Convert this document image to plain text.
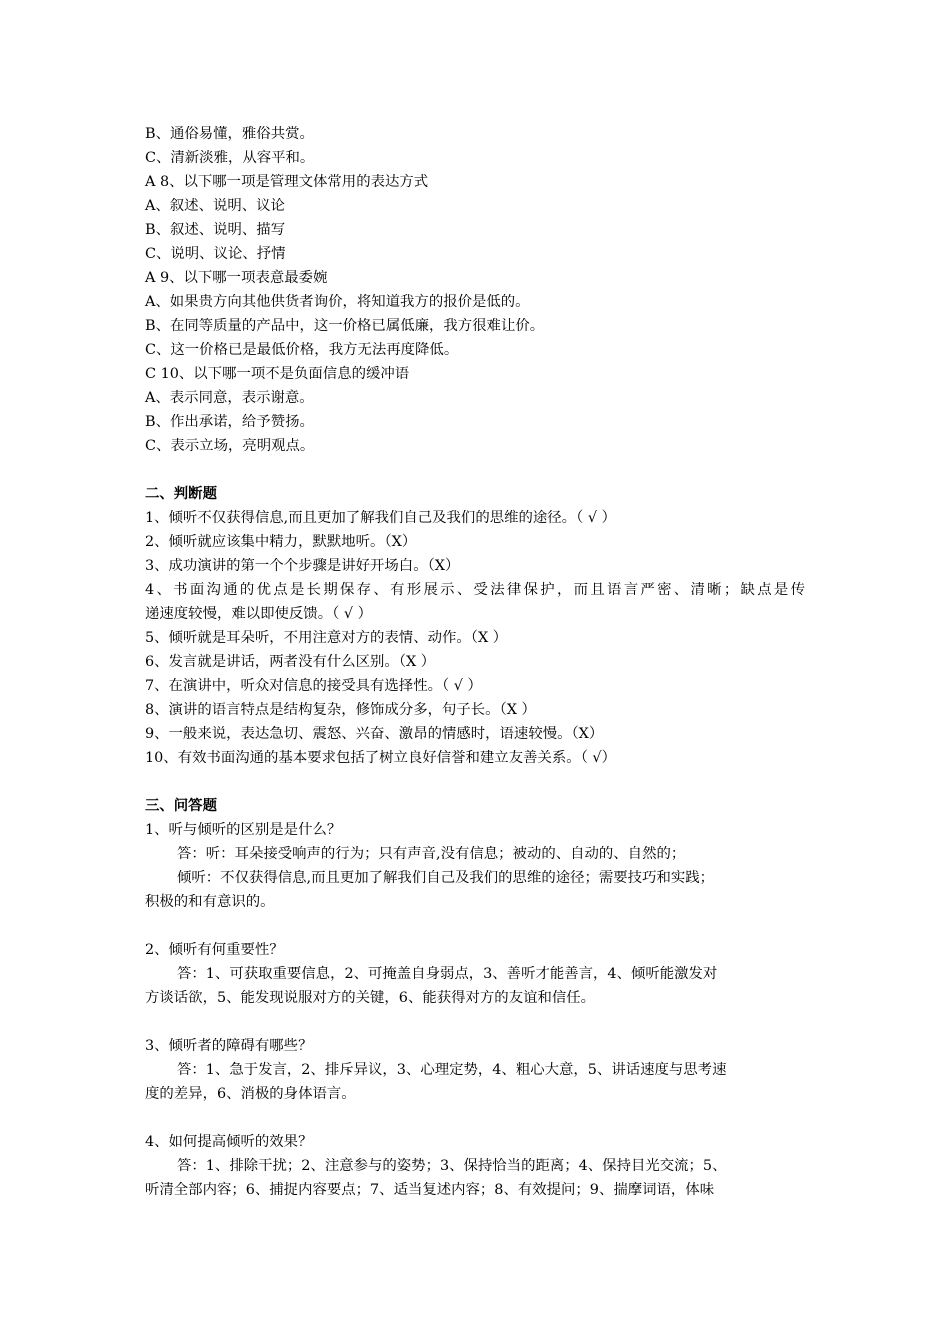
B、通俗易懂，雅俗共赏。
C、清新淡雅，从容平和。
A 8、以下哪一项是管理文体常用的表达方式
A、叙述、说明、议论
B、叙述、说明、描写
C、说明、议论、抒情
A 9、以下哪一项表意最委婉
A、如果贵方向其他供货者询价，将知道我方的报价是低的。
B、在同等质量的产品中，这一价格已属低廉，我方很难让价。
C、这一价格已是最低价格，我方无法再度降低。
C 10、以下哪一项不是负面信息的缓冲语
A、表示同意，表示谢意。
B、作出承诺，给予赞扬。
C、表示立场，亮明观点。
二、判断题
1、倾听不仅获得信息,而且更加了解我们自己及我们的思维的途径。（ √ ）
2、倾听就应该集中精力，默默地听。（X）
3、成功演讲的第一个个步骤是讲好开场白。（X）
4、书面沟通的优点是长期保存、有形展示、受法律保护，而且语言严密、清晰；缺点是传
递速度较慢，难以即使反馈。（ √ ）
5、倾听就是耳朵听，不用注意对方的表情、动作。（X ）
6、发言就是讲话，两者没有什么区别。（X ）
7、在演讲中，听众对信息的接受具有选择性。（ √ ）
8、演讲的语言特点是结构复杂，修饰成分多，句子长。（X ）
9、一般来说，表达急切、震怒、兴奋、激昂的情感时，语速较慢。（X）
10、有效书面沟通的基本要求包括了树立良好信誉和建立友善关系。（ √）
三、问答题
1、听与倾听的区别是是什么？
答：听：耳朵接受响声的行为；只有声音,没有信息；被动的、自动的、自然的；
倾听：不仅获得信息,而且更加了解我们自己及我们的思维的途径；需要技巧和实践；
积极的和有意识的。
2、倾听有何重要性？
答：1、可获取重要信息，2、可掩盖自身弱点，3、善听才能善言，4、倾听能激发对
方谈话欲，5、能发现说服对方的关键，6、能获得对方的友谊和信任。
3、倾听者的障碍有哪些？
答：1、急于发言，2、排斥异议，3、心理定势，4、粗心大意，5、讲话速度与思考速
度的差异，6、消极的身体语言。
4、如何提高倾听的效果？
答：1、排除干扰；2、注意参与的姿势；3、保持恰当的距离；4、保持目光交流；5、
听清全部内容；6、捕捉内容要点；7、适当复述内容；8、有效提问；9、揣摩词语，体味
